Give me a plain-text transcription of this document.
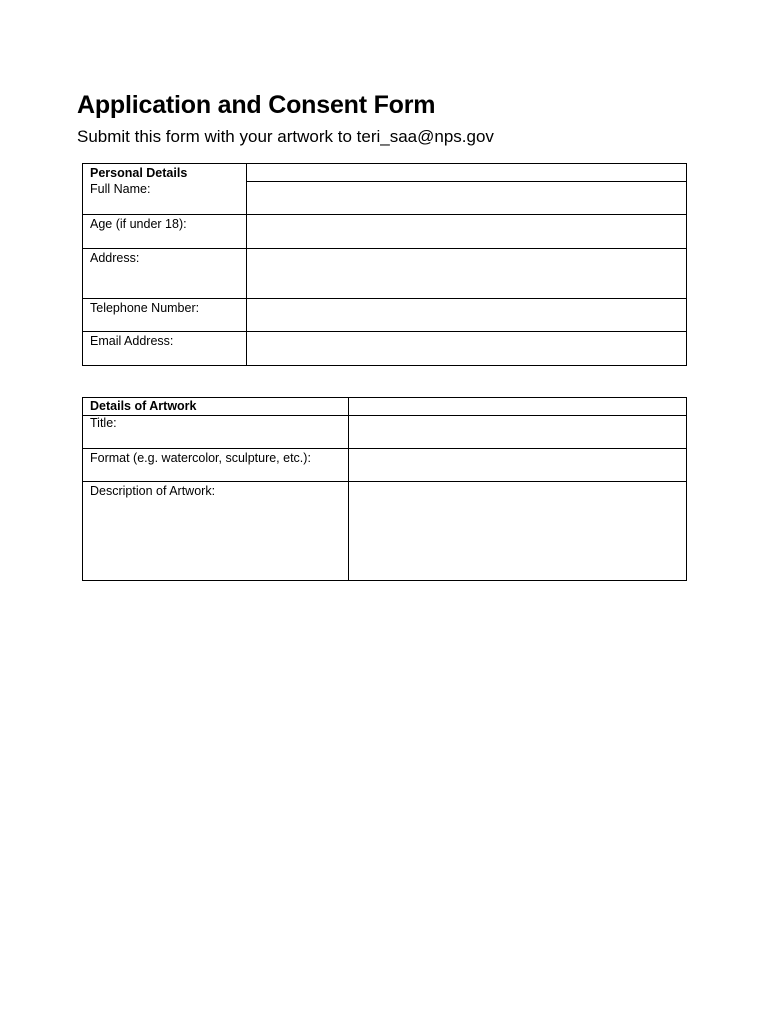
Application and Consent Form
Submit this form with your artwork to teri_saa@nps.gov
Personal Details
Full Name:

Age (if under 18):

Address:

Telephone Number:

Email Address:

Details of Artwork	

Title:

Format (e.g. watercolor, sculpture, etc.):

Description of Artwork:
